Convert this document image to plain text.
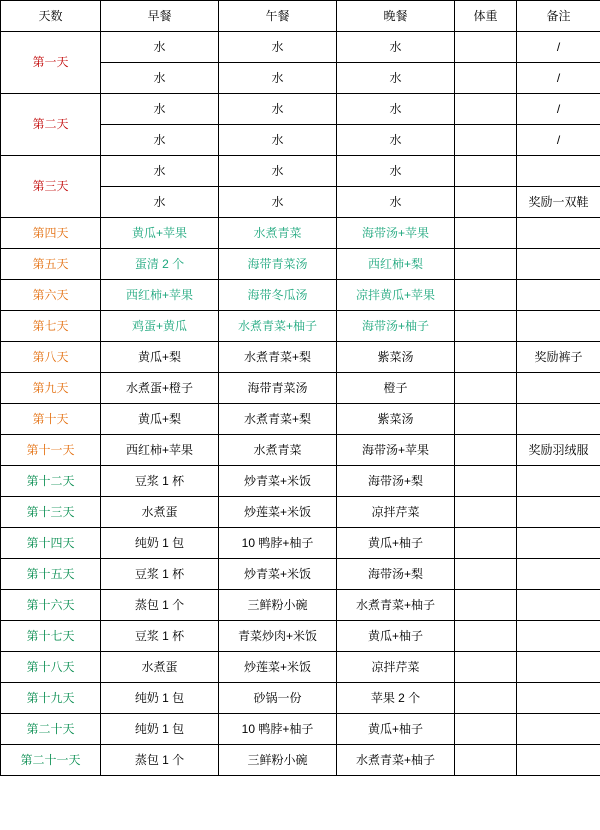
天数	早餐	午餐	晚餐	体重	备注
第一天	水	水	水		/
	水	水	水		/
第二天	水	水	水		/
	水	水	水		/
第三天	水	水	水		
	水	水	水		奖励一双鞋
第四天	黄瓜+苹果	水煮青菜	海带汤+苹果		
第五天	蛋清 2 个	海带青菜汤	西红柿+梨		
第六天	西红柿+苹果	海带冬瓜汤	凉拌黄瓜+苹果		
第七天	鸡蛋+黄瓜	水煮青菜+柚子	海带汤+柚子		
第八天	黄瓜+梨	水煮青菜+梨	紫菜汤		奖励裤子
第九天	水煮蛋+橙子	海带青菜汤	橙子		
第十天	黄瓜+梨	水煮青菜+梨	紫菜汤		
第十一天	西红柿+苹果	水煮青菜	海带汤+苹果		奖励羽绒服
第十二天	豆浆 1 杯	炒青菜+米饭	海带汤+梨		
第十三天	水煮蛋	炒莲菜+米饭	凉拌芹菜		
第十四天	纯奶 1 包	10 鸭脖+柚子	黄瓜+柚子		
第十五天	豆浆 1 杯	炒青菜+米饭	海带汤+梨		
第十六天	蒸包 1 个	三鲜粉小碗	水煮青菜+柚子		
第十七天	豆浆 1 杯	青菜炒肉+米饭	黄瓜+柚子		
第十八天	水煮蛋	炒莲菜+米饭	凉拌芹菜		
第十九天	纯奶 1 包	砂锅一份	苹果 2 个		
第二十天	纯奶 1 包	10 鸭脖+柚子	黄瓜+柚子		
第二十一天	蒸包 1 个	三鲜粉小碗	水煮青菜+柚子		
